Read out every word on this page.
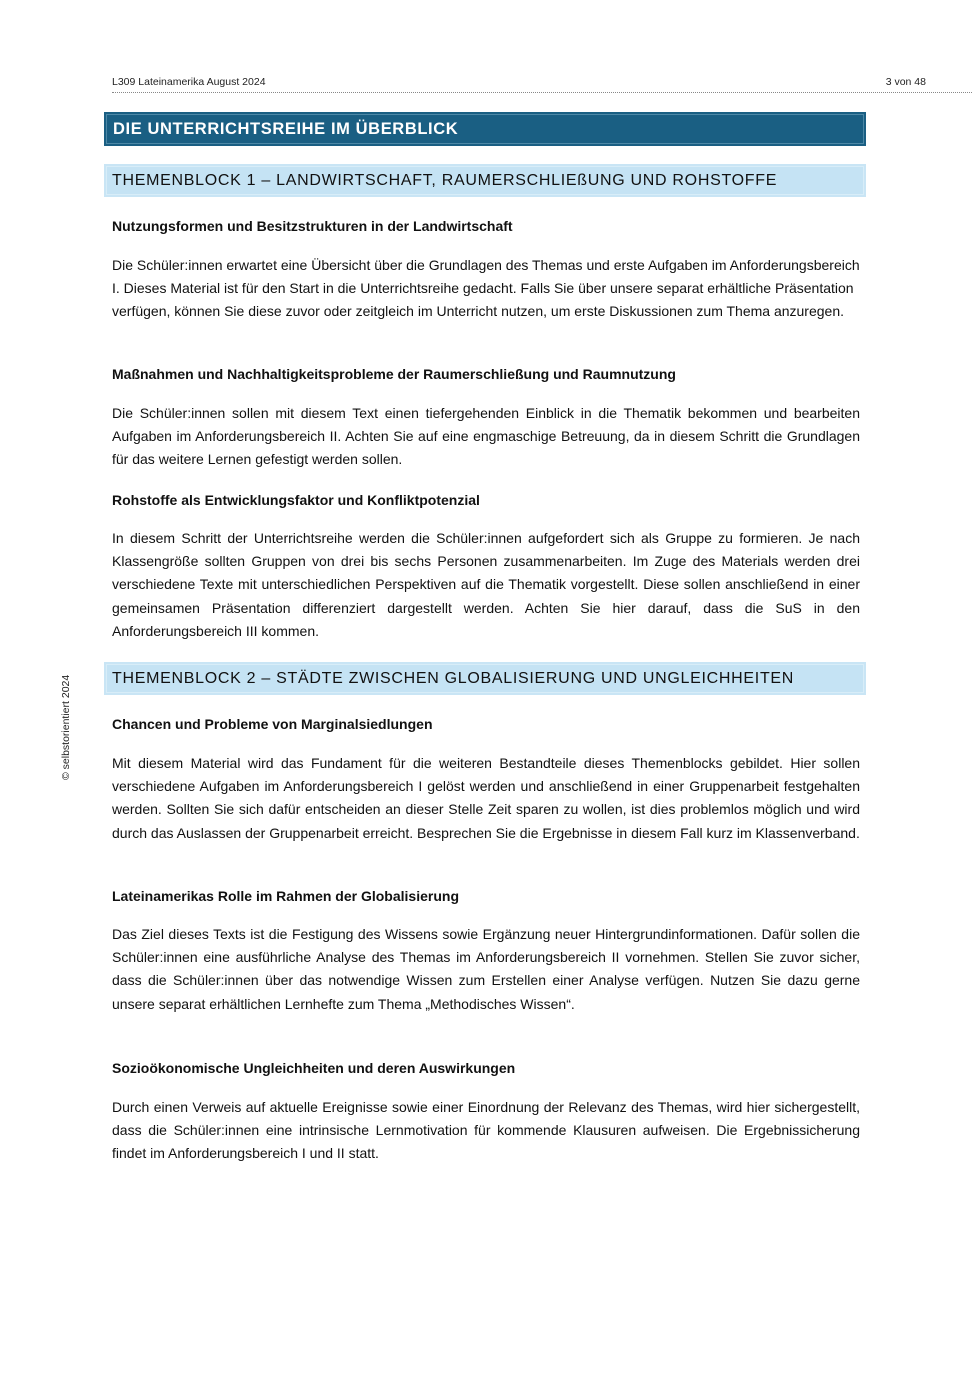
L309 Lateinamerika August 2024	3 von 48
© selbstorientiert 2024
DIE UNTERRICHTSREIHE IM ÜBERBLICK
THEMENBLOCK 1 – LANDWIRTSCHAFT, RAUMERSCHLIEßUNG UND ROHSTOFFE
Nutzungsformen und Besitzstrukturen in der Landwirtschaft
Die Schüler:innen erwartet eine Übersicht über die Grundlagen des Themas und erste Aufgaben im Anforderungsbereich I. Dieses Material ist für den Start in die Unterrichtsreihe gedacht. Falls Sie über unsere separat erhältliche Präsentation verfügen, können Sie diese zuvor oder zeitgleich im Unterricht nutzen, um erste Diskussionen zum Thema anzuregen.
Maßnahmen und Nachhaltigkeitsprobleme der Raumerschließung und Raumnutzung
Die Schüler:innen sollen mit diesem Text einen tiefergehenden Einblick in die Thematik bekommen und bearbeiten Aufgaben im Anforderungsbereich II. Achten Sie auf eine engmaschige Betreuung, da in diesem Schritt die Grundlagen für das weitere Lernen gefestigt werden sollen.
Rohstoffe als Entwicklungsfaktor und Konfliktpotenzial
In diesem Schritt der Unterrichtsreihe werden die Schüler:innen aufgefordert sich als Gruppe zu formieren. Je nach Klassengröße sollten Gruppen von drei bis sechs Personen zusammenarbeiten. Im Zuge des Materials werden drei verschiedene Texte mit unterschiedlichen Perspektiven auf die Thematik vorgestellt. Diese sollen anschließend in einer gemeinsamen Präsentation differenziert dargestellt werden. Achten Sie hier darauf, dass die SuS in den Anforderungsbereich III kommen.
THEMENBLOCK 2 – STÄDTE ZWISCHEN GLOBALISIERUNG UND UNGLEICHHEITEN
Chancen und Probleme von Marginalsiedlungen
Mit diesem Material wird das Fundament für die weiteren Bestandteile dieses Themenblocks gebildet. Hier sollen verschiedene Aufgaben im Anforderungsbereich I gelöst werden und anschließend in einer Gruppenarbeit festgehalten werden. Sollten Sie sich dafür entscheiden an dieser Stelle Zeit sparen zu wollen, ist dies problemlos möglich und wird durch das Auslassen der Gruppenarbeit erreicht. Besprechen Sie die Ergebnisse in diesem Fall kurz im Klassenverband.
Lateinamerikas Rolle im Rahmen der Globalisierung
Das Ziel dieses Texts ist die Festigung des Wissens sowie Ergänzung neuer Hintergrundinformationen. Dafür sollen die Schüler:innen eine ausführliche Analyse des Themas im Anforderungsbereich II vornehmen. Stellen Sie zuvor sicher, dass die Schüler:innen über das notwendige Wissen zum Erstellen einer Analyse verfügen. Nutzen Sie dazu gerne unsere separat erhältlichen Lernhefte zum Thema „Methodisches Wissen“.
Sozioökonomische Ungleichheiten und deren Auswirkungen
Durch einen Verweis auf aktuelle Ereignisse sowie einer Einordnung der Relevanz des Themas, wird hier sichergestellt, dass die Schüler:innen eine intrinsische Lernmotivation für kommende Klausuren aufweisen. Die Ergebnissicherung findet im Anforderungsbereich I und II statt.
